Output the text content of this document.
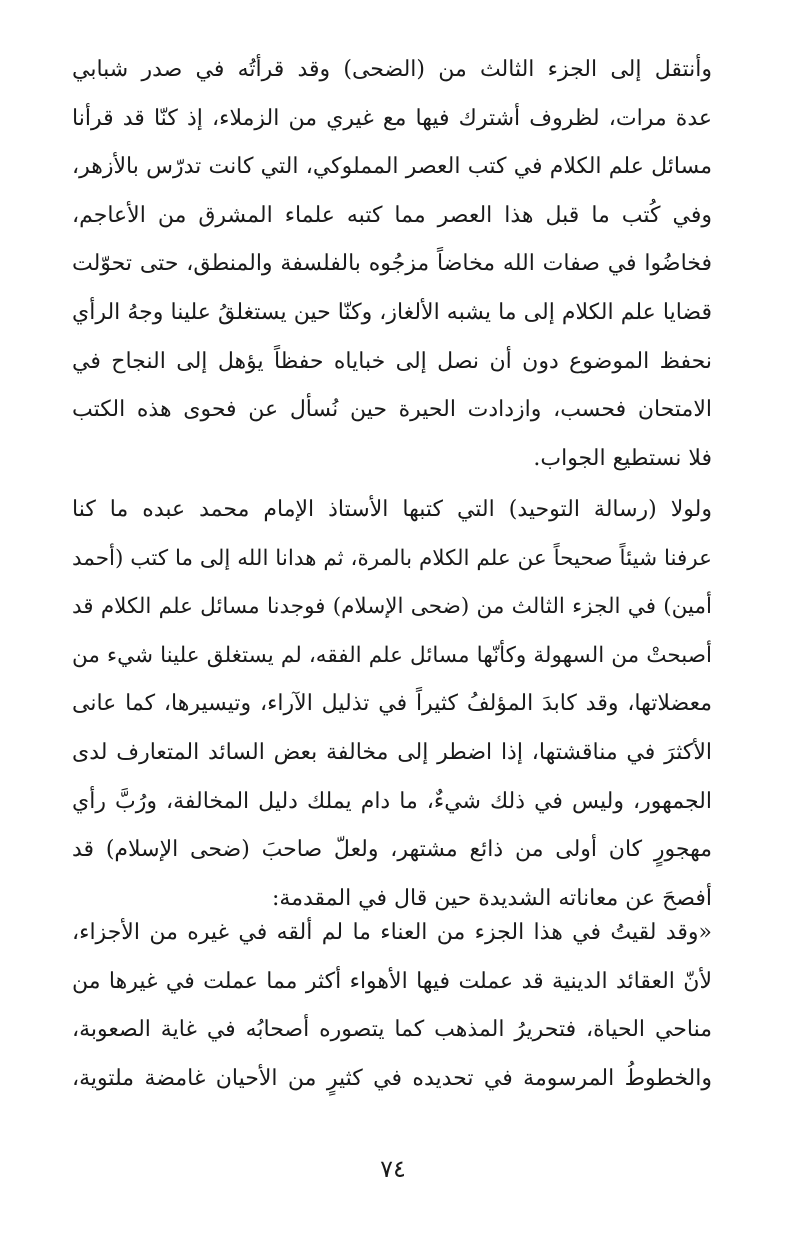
وأنتقل إلى الجزء الثالث من (الضحى) وقد قرأتُه في صدر شبابي
عدة مرات، لظروف أشترك فيها مع غيري من الزملاء، إذ كنّا قد قرأنا
مسائل علم الكلام في كتب العصر المملوكي، التي كانت تدرّس بالأزهر،
وفي كُتب ما قبل هذا العصر مما كتبه علماء المشرق من الأعاجم،
فخاضُوا في صفات الله مخاضاً مزجُوه بالفلسفة والمنطق، حتى تحوّلت
قضايا علم الكلام إلى ما يشبه الألغاز، وكنّا حين يستغلقُ علينا وجهُ الرأي
نحفظ الموضوع دون أن نصل إلى خباياه حفظاً يؤهل إلى النجاح في
الامتحان فحسب، وازدادت الحيرة حين نُسأل عن فحوى هذه الكتب
فلا نستطيع الجواب.
ولولا (رسالة التوحيد) التي كتبها الأستاذ الإمام محمد عبده ما كنا
عرفنا شيئاً صحيحاً عن علم الكلام بالمرة، ثم هدانا الله إلى ما كتب (أحمد
أمين) في الجزء الثالث من (ضحى الإسلام) فوجدنا مسائل علم الكلام قد
أصبحتْ من السهولة وكأنّها مسائل علم الفقه، لم يستغلق علينا شيء من
معضلاتها، وقد كابدَ المؤلفُ كثيراً في تذليل الآراء، وتيسيرها، كما عانى
الأكثرَ في مناقشتها، إذا اضطر إلى مخالفة بعض السائد المتعارف لدى
الجمهور، وليس في ذلك شيءٌ، ما دام يملك دليل المخالفة، ورُبَّ رأي
مهجورٍ كان أولى من ذائع مشتهر، ولعلّ صاحبَ (ضحى الإسلام) قد
أفصحَ عن معاناته الشديدة حين قال في المقدمة:
«وقد لقيتُ في هذا الجزء من العناء ما لم ألقه في غيره من الأجزاء،
لأنّ العقائد الدينية قد عملت فيها الأهواء أكثر مما عملت في غيرها من
مناحي الحياة، فتحريرُ المذهب كما يتصوره أصحابُه في غاية الصعوبة،
والخطوطُ المرسومة في تحديده في كثيرٍ من الأحيان غامضة ملتوية،
٧٤
